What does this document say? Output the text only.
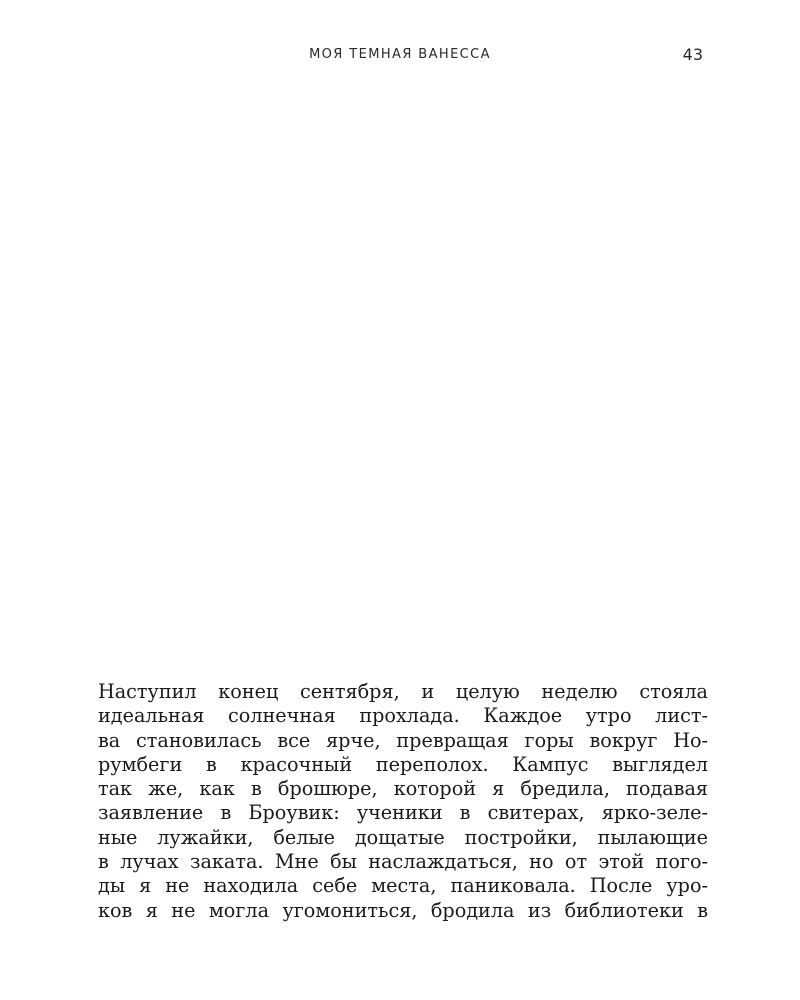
МОЯ ТЕМНАЯ ВАНЕССА	43
Наступил конец сентября, и целую неделю стояла
идеальная солнечная прохлада. Каждое утро лист-
ва становилась все ярче, превращая горы вокруг Но-
румбеги в красочный переполох. Кампус выглядел
так же, как в брошюре, которой я бредила, подавая
заявление в Броувик: ученики в свитерах, ярко-зеле-
ные лужайки, белые дощатые постройки, пылающие
в лучах заката. Мне бы наслаждаться, но от этой пого-
ды я не находила себе места, паниковала. После уро-
ков я не могла угомониться, бродила из библиотеки в
